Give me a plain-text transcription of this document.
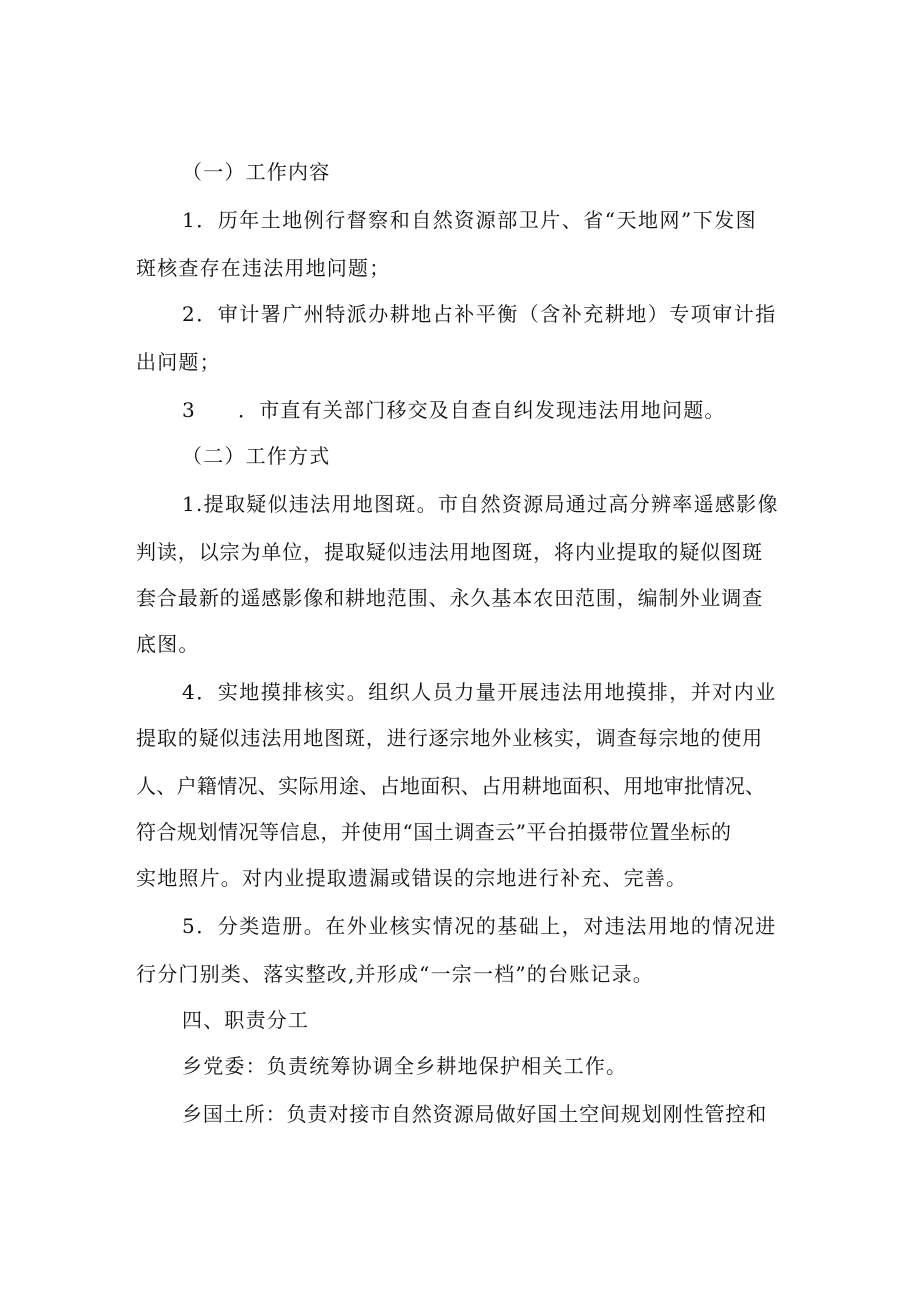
（一）工作内容
1．历年土地例行督察和自然资源部卫片、省“天地网”下发图
斑核查存在违法用地问题；
2．审计署广州特派办耕地占补平衡（含补充耕地）专项审计指
出问题；
3 ．市直有关部门移交及自查自纠发现违法用地问题。
（二）工作方式
1.提取疑似违法用地图斑。市自然资源局通过高分辨率遥感影像
判读，以宗为单位，提取疑似违法用地图斑，将内业提取的疑似图斑
套合最新的遥感影像和耕地范围、永久基本农田范围，编制外业调查
底图。
4．实地摸排核实。组织人员力量开展违法用地摸排，并对内业
提取的疑似违法用地图斑，进行逐宗地外业核实，调查每宗地的使用
人、户籍情况、实际用途、占地面积、占用耕地面积、用地审批情况、
符合规划情况等信息，并使用“国土调查云”平台拍摄带位置坐标的
实地照片。对内业提取遗漏或错误的宗地进行补充、完善。
5．分类造册。在外业核实情况的基础上，对违法用地的情况进
行分门别类、落实整改,并形成“一宗一档”的台账记录。
四、职责分工
乡党委：负责统筹协调全乡耕地保护相关工作。
乡国土所：负责对接市自然资源局做好国土空间规划刚性管控和
